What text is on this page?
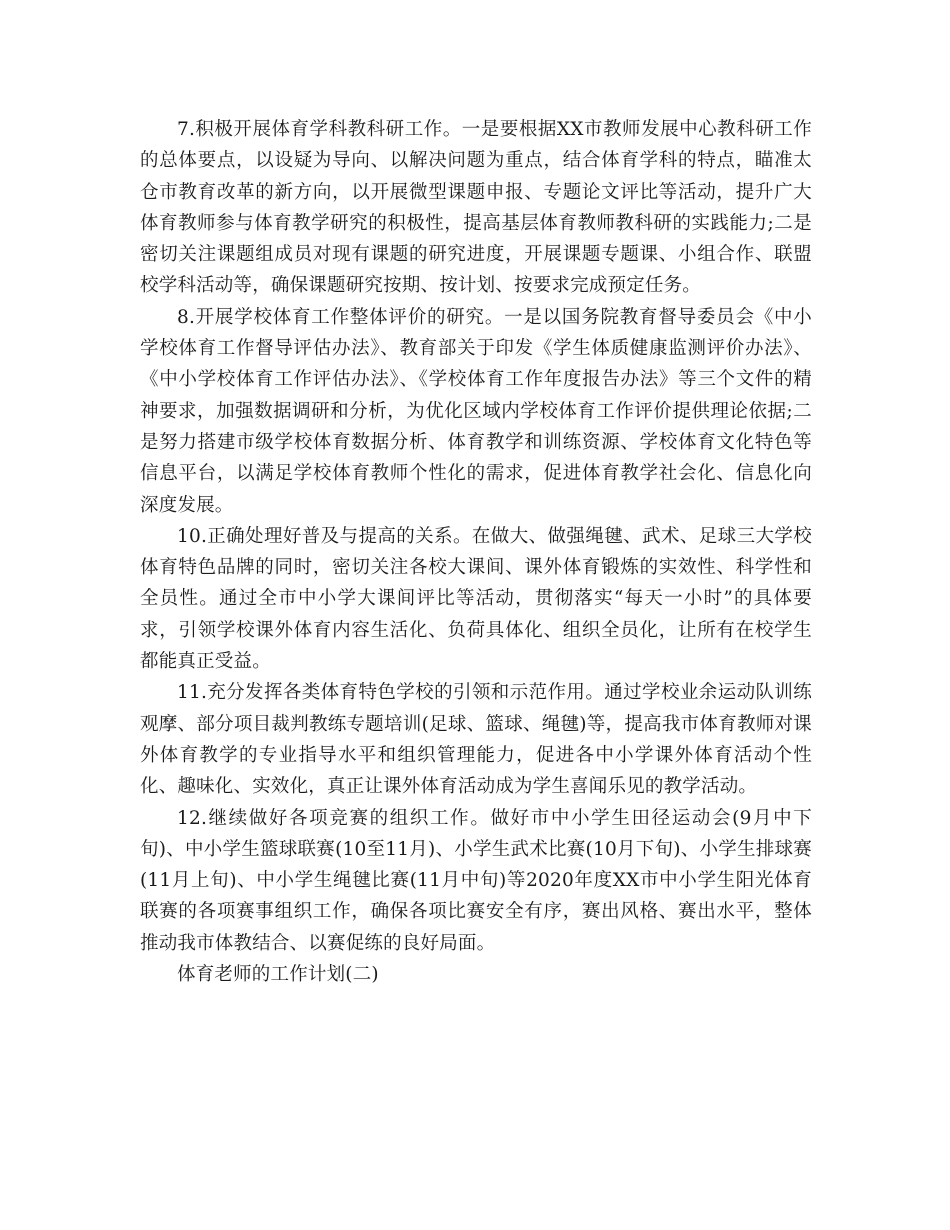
7.积极开展体育学科教科研工作。一是要根据XX市教师发展中心教科研工作的总体要点，以设疑为导向、以解决问题为重点，结合体育学科的特点，瞄准太仓市教育改革的新方向，以开展微型课题申报、专题论文评比等活动，提升广大体育教师参与体育教学研究的积极性，提高基层体育教师教科研的实践能力;二是密切关注课题组成员对现有课题的研究进度，开展课题专题课、小组合作、联盟校学科活动等，确保课题研究按期、按计划、按要求完成预定任务。

8.开展学校体育工作整体评价的研究。一是以国务院教育督导委员会《中小学校体育工作督导评估办法》、教育部关于印发《学生体质健康监测评价办法》、《中小学校体育工作评估办法》、《学校体育工作年度报告办法》等三个文件的精神要求，加强数据调研和分析，为优化区域内学校体育工作评价提供理论依据;二是努力搭建市级学校体育数据分析、体育教学和训练资源、学校体育文化特色等信息平台，以满足学校体育教师个性化的需求，促进体育教学社会化、信息化向深度发展。

10.正确处理好普及与提高的关系。在做大、做强绳毽、武术、足球三大学校体育特色品牌的同时，密切关注各校大课间、课外体育锻炼的实效性、科学性和全员性。通过全市中小学大课间评比等活动，贯彻落实“每天一小时”的具体要求，引领学校课外体育内容生活化、负荷具体化、组织全员化，让所有在校学生都能真正受益。

11.充分发挥各类体育特色学校的引领和示范作用。通过学校业余运动队训练观摩、部分项目裁判教练专题培训(足球、篮球、绳毽)等，提高我市体育教师对课外体育教学的专业指导水平和组织管理能力，促进各中小学课外体育活动个性化、趣味化、实效化，真正让课外体育活动成为学生喜闻乐见的教学活动。

12.继续做好各项竞赛的组织工作。做好市中小学生田径运动会(9月中下旬)、中小学生篮球联赛(10至11月)、小学生武术比赛(10月下旬)、小学生排球赛(11月上旬)、中小学生绳毽比赛(11月中旬)等2020年度XX市中小学生阳光体育联赛的各项赛事组织工作，确保各项比赛安全有序，赛出风格、赛出水平，整体推动我市体教结合、以赛促练的良好局面。

体育老师的工作计划(二)
